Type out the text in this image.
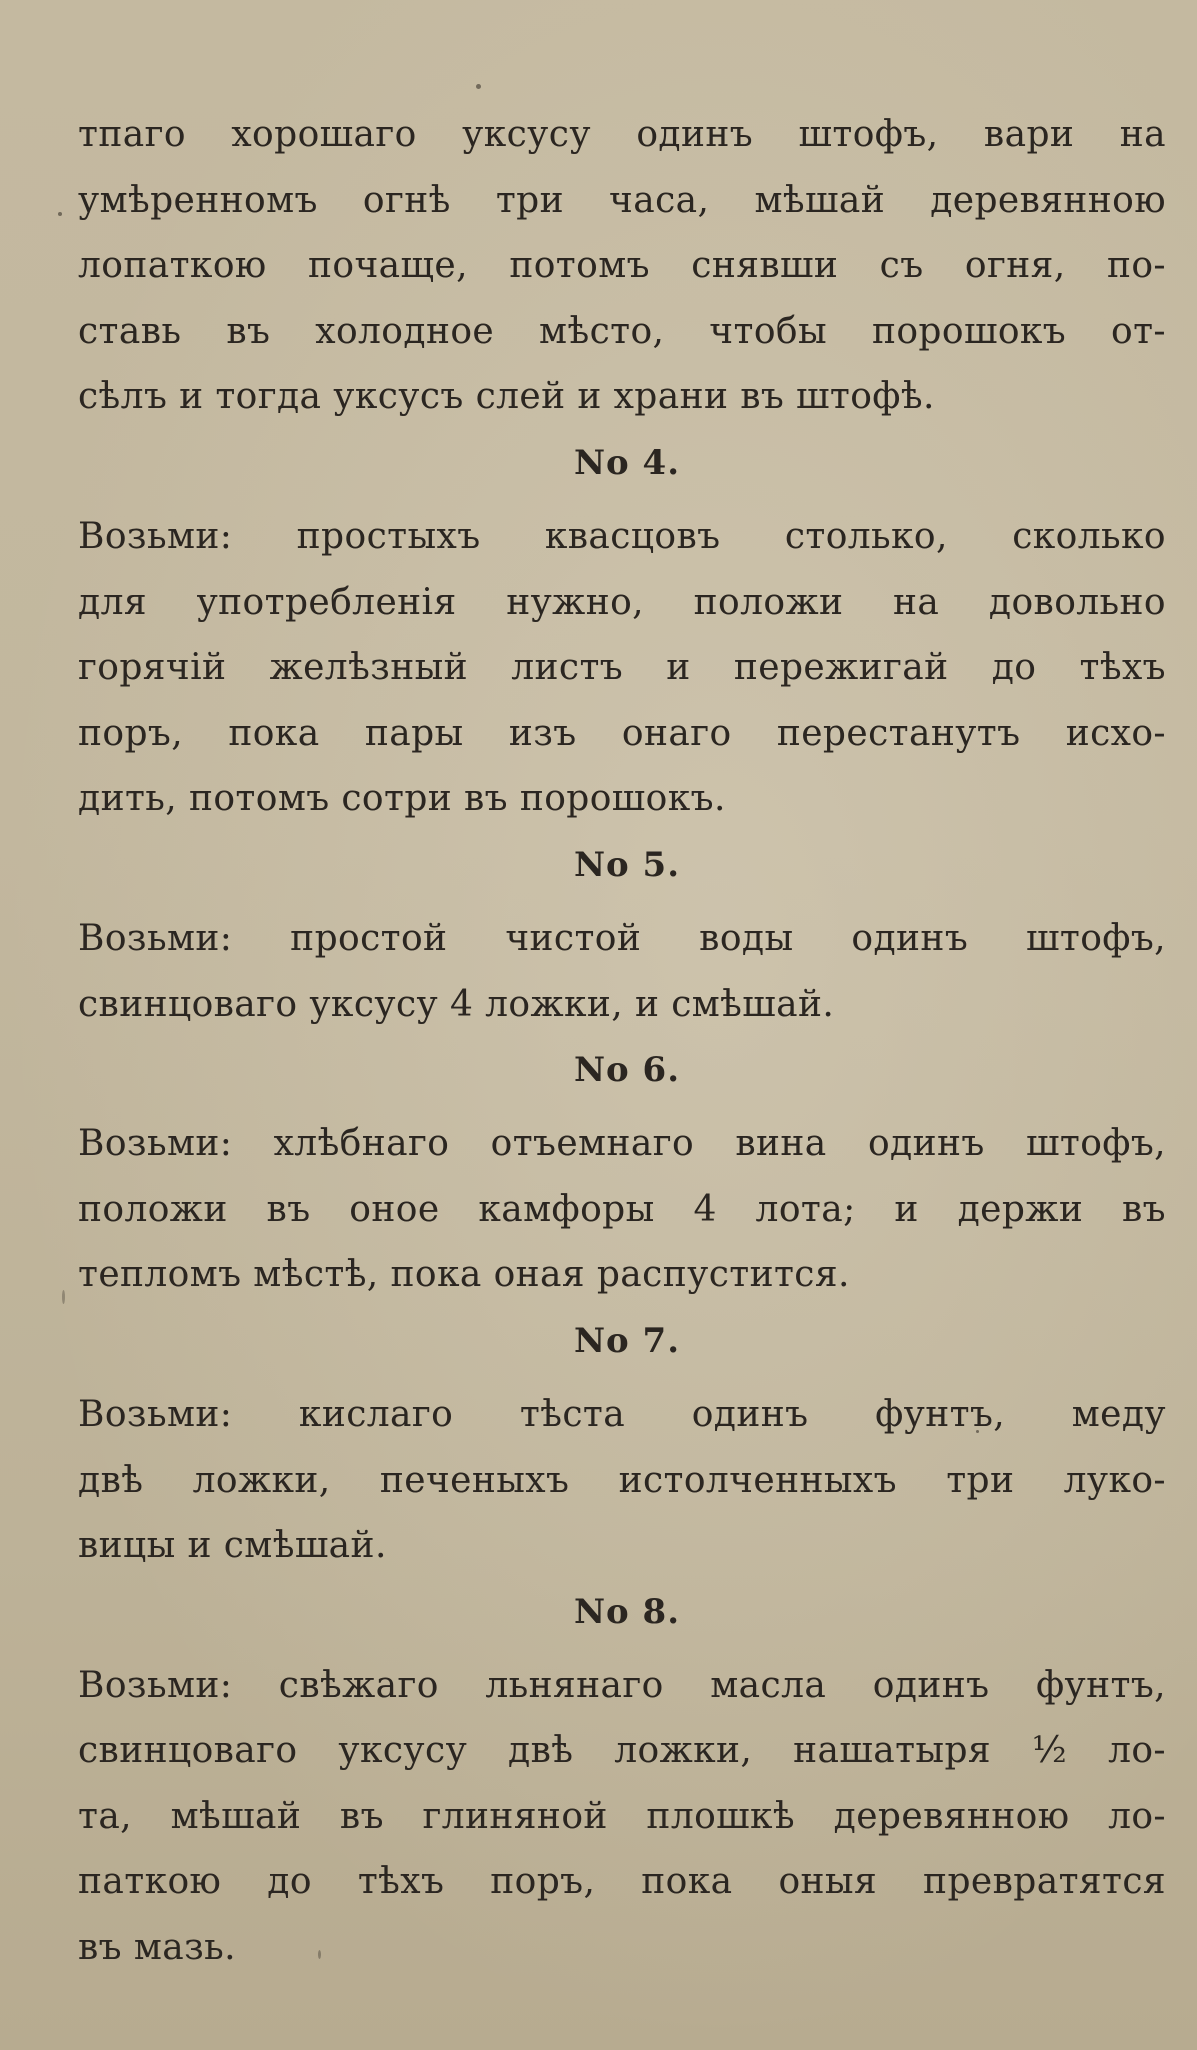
тпаго хорошаго уксусу одинъ штофъ, вари на
умѣренномъ огнѣ три часа, мѣшай деревянною
лопаткою почаще, потомъ снявши съ огня, по-
ставь въ холодное мѣсто, чтобы порошокъ от-
сѣлъ и тогда уксусъ слей и храни въ штофѣ.

No 4.

Возьми: простыхъ квасцовъ столько, сколько
для употребленія нужно, положи на довольно
горячій желѣзный листъ и пережигай до тѣхъ
поръ, пока пары изъ онаго перестанутъ исхо-
дить, потомъ сотри въ порошокъ.

No 5.

Возьми: простой чистой воды одинъ штофъ,
свинцоваго уксусу 4 ложки, и смѣшай.

No 6.

Возьми: хлѣбнаго отъемнаго вина одинъ штофъ,
положи въ оное камфоры 4 лота; и держи въ
тепломъ мѣстѣ, пока оная распустится.

No 7.

Возьми: кислаго тѣста одинъ фунтъ, меду
двѣ ложки, печеныхъ истолченныхъ три луко-
вицы и смѣшай.

No 8.

Возьми: свѣжаго льнянаго масла одинъ фунтъ,
свинцоваго уксусу двѣ ложки, нашатыря ½ ло-
та, мѣшай въ глиняной плошкѣ деревянною ло-
паткою до тѣхъ поръ, пока оныя превратятся
въ мазь.
